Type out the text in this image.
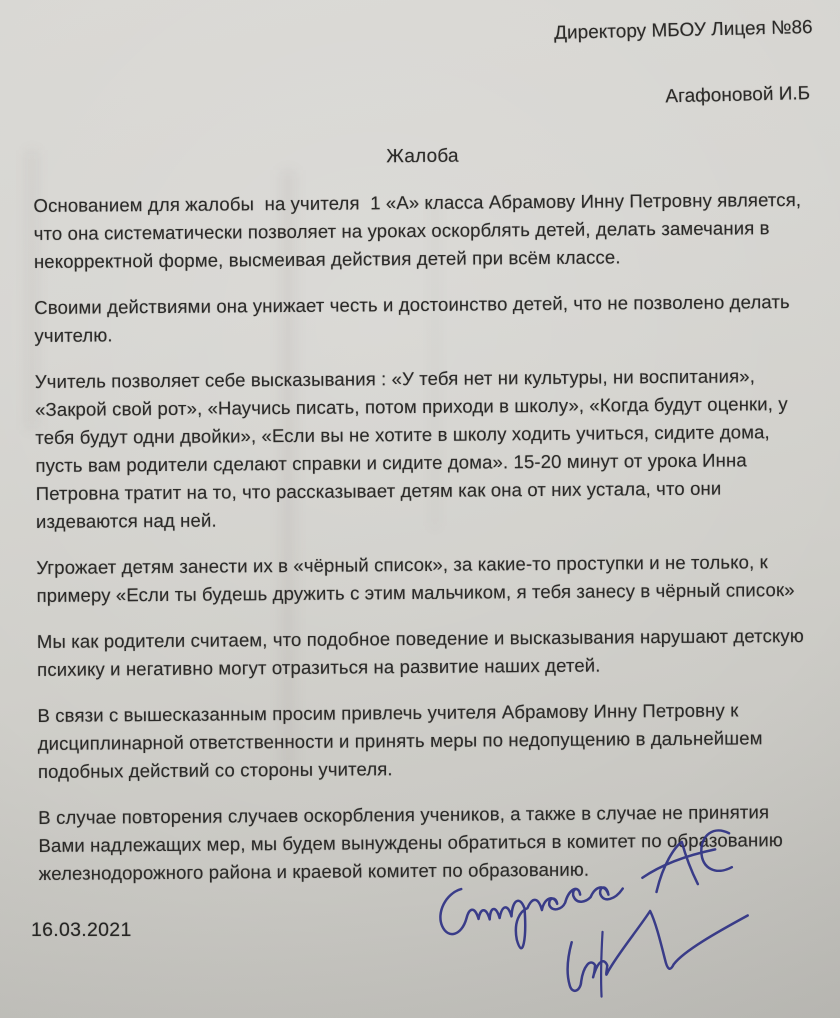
Директору МБОУ Лицея №86

Агафоновой И.Б

Жалоба

Основанием для жалобы  на учителя  1 «А» класса Абрамову Инну Петровну является, что она систематически позволяет на уроках оскорблять детей, делать замечания в некорректной форме, высмеивая действия детей при всём классе.

Своими действиями она унижает честь и достоинство детей, что не позволено делать учителю.

Учитель позволяет себе высказывания : «У тебя нет ни культуры, ни воспитания», «Закрой свой рот», «Научись писать, потом приходи в школу», «Когда будут оценки, у тебя будут одни двойки», «Если вы не хотите в школу ходить учиться, сидите дома, пусть вам родители сделают справки и сидите дома». 15-20 минут от урока Инна Петровна тратит на то, что рассказывает детям как она от них устала, что они издеваются над ней.

Угрожает детям занести их в «чёрный список», за какие-то проступки и не только, к примеру «Если ты будешь дружить с этим мальчиком, я тебя занесу в чёрный список»

Мы как родители считаем, что подобное поведение и высказывания нарушают детскую психику и негативно могут отразиться на развитие наших детей.

В связи с вышесказанным просим привлечь учителя Абрамову Инну Петровну к дисциплинарной ответственности и принять меры по недопущению в дальнейшем подобных действий со стороны учителя.

В случае повторения случаев оскорбления учеников, а также в случае не принятия Вами надлежащих мер, мы будем вынуждены обратиться в комитет по образованию железнодорожного района и краевой комитет по образованию.

16.03.2021
